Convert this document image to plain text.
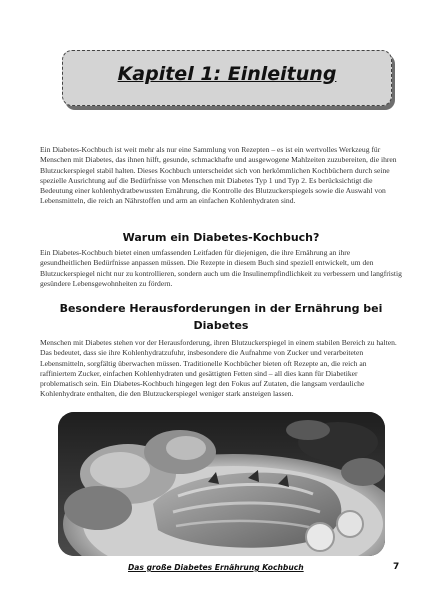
Kapitel 1: Einleitung

Ein Diabetes-Kochbuch ist weit mehr als nur eine Sammlung von Rezepten – es ist ein wertvolles Werkzeug für Menschen mit Diabetes, das ihnen hilft, gesunde, schmackhafte und ausgewogene Mahlzeiten zuzubereiten, die ihren Blutzuckerspiegel stabil halten. Dieses Kochbuch unterscheidet sich von herkömmlichen Kochbüchern durch seine spezielle Ausrichtung auf die Bedürfnisse von Menschen mit Diabetes Typ 1 und Typ 2. Es berücksichtigt die Bedeutung einer kohlenhydratbewussten Ernährung, die Kontrolle des Blutzuckerspiegels sowie die Auswahl von Lebensmitteln, die reich an Nährstoffen und arm an einfachen Kohlenhydraten sind.

Warum ein Diabetes-Kochbuch?

Ein Diabetes-Kochbuch bietet einen umfassenden Leitfaden für diejenigen, die ihre Ernährung an ihre gesundheitlichen Bedürfnisse anpassen müssen. Die Rezepte in diesem Buch sind speziell entwickelt, um den Blutzuckerspiegel nicht nur zu kontrollieren, sondern auch um die Insulinempfindlichkeit zu verbessern und langfristig gesündere Lebensgewohnheiten zu fördern.

Besondere Herausforderungen in der Ernährung bei Diabetes

Menschen mit Diabetes stehen vor der Herausforderung, ihren Blutzuckerspiegel in einem stabilen Bereich zu halten. Das bedeutet, dass sie ihre Kohlenhydratzufuhr, insbesondere die Aufnahme von Zucker und verarbeiteten Lebensmitteln, sorgfältig überwachen müssen. Traditionelle Kochbücher bieten oft Rezepte an, die reich an raffiniertem Zucker, einfachen Kohlenhydraten und gesättigten Fetten sind – all dies kann für Diabetiker problematisch sein. Ein Diabetes-Kochbuch hingegen legt den Fokus auf Zutaten, die langsam verdauliche Kohlenhydrate enthalten, die den Blutzuckerspiegel weniger stark ansteigen lassen.

Das große Diabetes Ernährung Kochbuch	7
